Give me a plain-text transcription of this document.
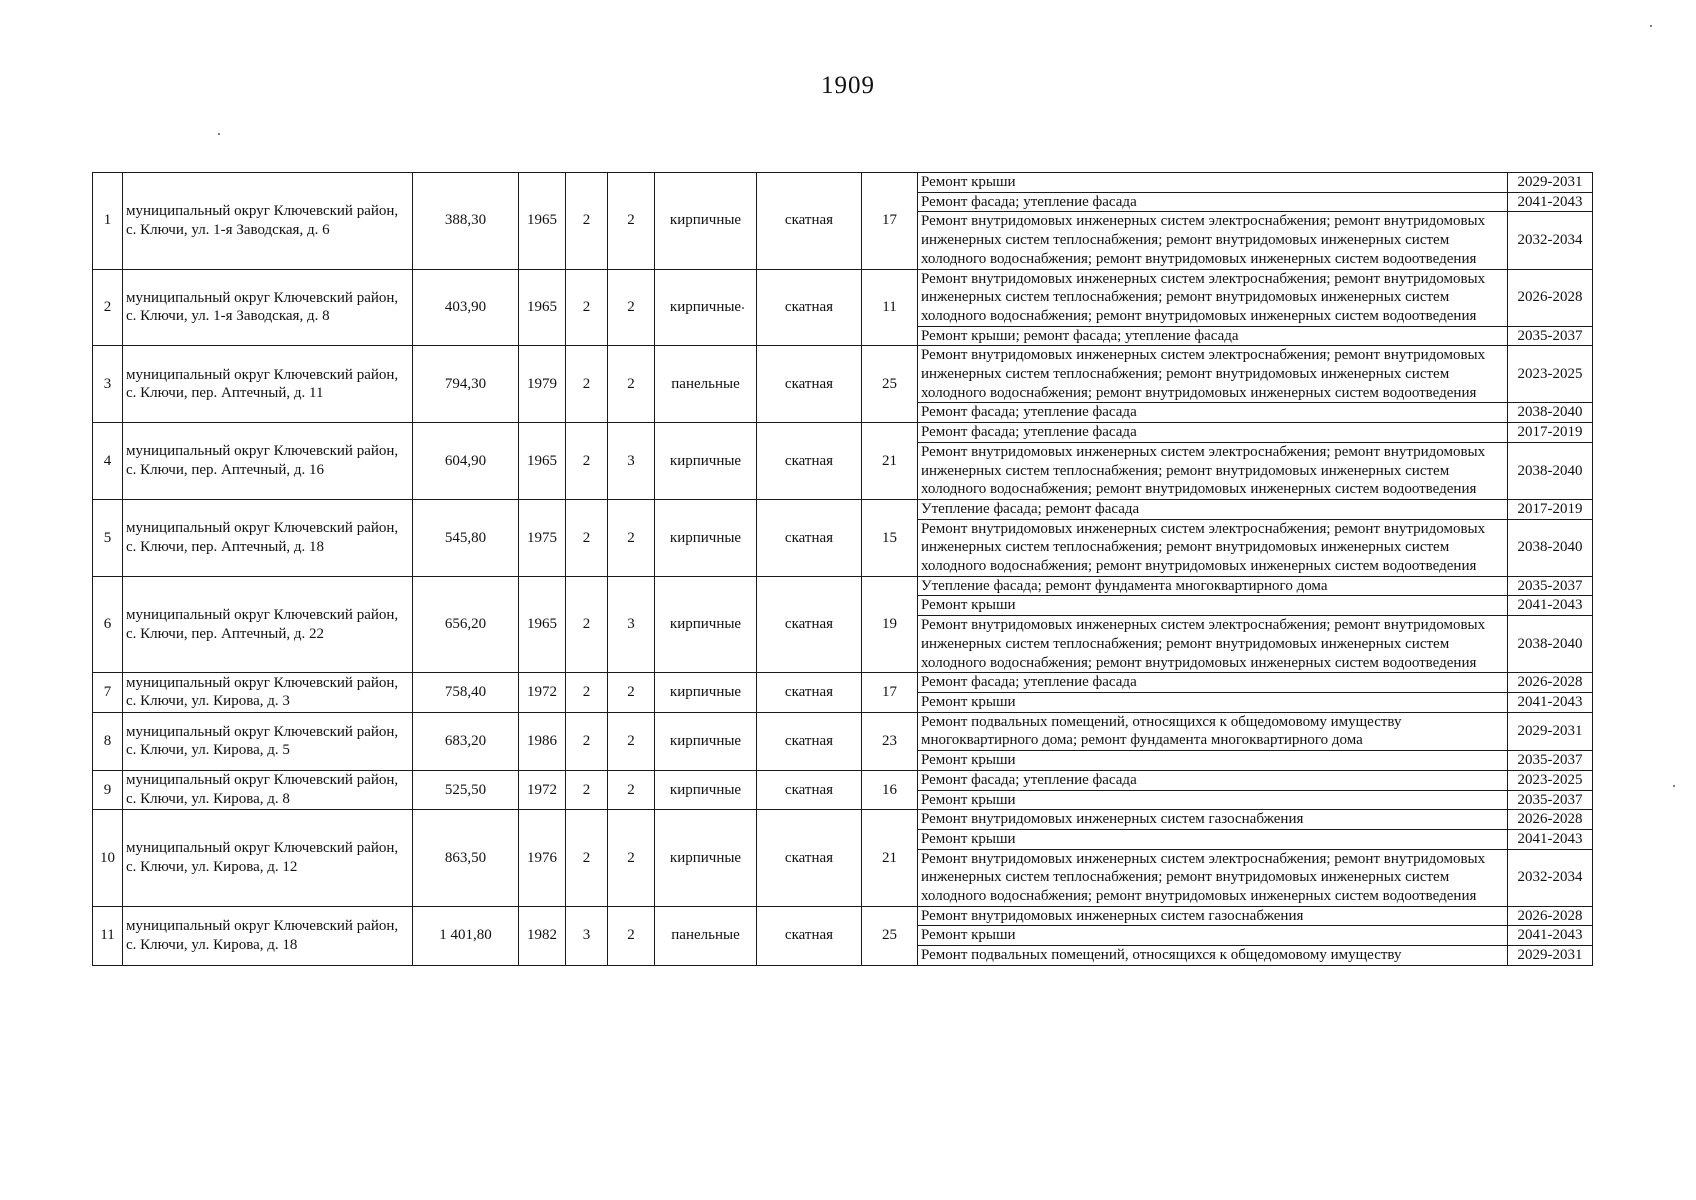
1909
1	муниципальный округ Ключевский район, с. Ключи, ул. 1-я Заводская, д. 6	388,30	1965	2	2	кирпичные	скатная	17	Ремонт крыши	2029-2031
									Ремонт фасада; утепление фасада	2041-2043
									Ремонт внутридомовых инженерных систем электроснабжения; ремонт внутридомовых инженерных систем теплоснабжения; ремонт внутридомовых инженерных систем холодного водоснабжения; ремонт внутридомовых инженерных систем водоотведения	2032-2034
2	муниципальный округ Ключевский район, с. Ключи, ул. 1-я Заводская, д. 8	403,90	1965	2	2	кирпичные	скатная	11	Ремонт внутридомовых инженерных систем электроснабжения; ремонт внутридомовых инженерных систем теплоснабжения; ремонт внутридомовых инженерных систем холодного водоснабжения; ремонт внутридомовых инженерных систем водоотведения	2026-2028
									Ремонт крыши; ремонт фасада; утепление фасада	2035-2037
3	муниципальный округ Ключевский район, с. Ключи, пер. Аптечный, д. 11	794,30	1979	2	2	панельные	скатная	25	Ремонт внутридомовых инженерных систем электроснабжения; ремонт внутридомовых инженерных систем теплоснабжения; ремонт внутридомовых инженерных систем холодного водоснабжения; ремонт внутридомовых инженерных систем водоотведения	2023-2025
									Ремонт фасада; утепление фасада	2038-2040
4	муниципальный округ Ключевский район, с. Ключи, пер. Аптечный, д. 16	604,90	1965	2	3	кирпичные	скатная	21	Ремонт фасада; утепление фасада	2017-2019
									Ремонт внутридомовых инженерных систем электроснабжения; ремонт внутридомовых инженерных систем теплоснабжения; ремонт внутридомовых инженерных систем холодного водоснабжения; ремонт внутридомовых инженерных систем водоотведения	2038-2040
5	муниципальный округ Ключевский район, с. Ключи, пер. Аптечный, д. 18	545,80	1975	2	2	кирпичные	скатная	15	Утепление фасада; ремонт фасада	2017-2019
									Ремонт внутридомовых инженерных систем электроснабжения; ремонт внутридомовых инженерных систем теплоснабжения; ремонт внутридомовых инженерных систем холодного водоснабжения; ремонт внутридомовых инженерных систем водоотведения	2038-2040
6	муниципальный округ Ключевский район, с. Ключи, пер. Аптечный, д. 22	656,20	1965	2	3	кирпичные	скатная	19	Утепление фасада; ремонт фундамента многоквартирного дома	2035-2037
									Ремонт крыши	2041-2043
									Ремонт внутридомовых инженерных систем электроснабжения; ремонт внутридомовых инженерных систем теплоснабжения; ремонт внутридомовых инженерных систем холодного водоснабжения; ремонт внутридомовых инженерных систем водоотведения	2038-2040
7	муниципальный округ Ключевский район, с. Ключи, ул. Кирова, д. 3	758,40	1972	2	2	кирпичные	скатная	17	Ремонт фасада; утепление фасада	2026-2028
									Ремонт крыши	2041-2043
8	муниципальный округ Ключевский район, с. Ключи, ул. Кирова, д. 5	683,20	1986	2	2	кирпичные	скатная	23	Ремонт подвальных помещений, относящихся к общедомовому имуществу многоквартирного дома; ремонт фундамента многоквартирного дома	2029-2031
									Ремонт крыши	2035-2037
9	муниципальный округ Ключевский район, с. Ключи, ул. Кирова, д. 8	525,50	1972	2	2	кирпичные	скатная	16	Ремонт фасада; утепление фасада	2023-2025
									Ремонт крыши	2035-2037
10	муниципальный округ Ключевский район, с. Ключи, ул. Кирова, д. 12	863,50	1976	2	2	кирпичные	скатная	21	Ремонт внутридомовых инженерных систем газоснабжения	2026-2028
									Ремонт крыши	2041-2043
									Ремонт внутридомовых инженерных систем электроснабжения; ремонт внутридомовых инженерных систем теплоснабжения; ремонт внутридомовых инженерных систем холодного водоснабжения; ремонт внутридомовых инженерных систем водоотведения	2032-2034
11	муниципальный округ Ключевский район, с. Ключи, ул. Кирова, д. 18	1 401,80	1982	3	2	панельные	скатная	25	Ремонт внутридомовых инженерных систем газоснабжения	2026-2028
									Ремонт крыши	2041-2043
									Ремонт подвальных помещений, относящихся к общедомовому имуществу	2029-2031
